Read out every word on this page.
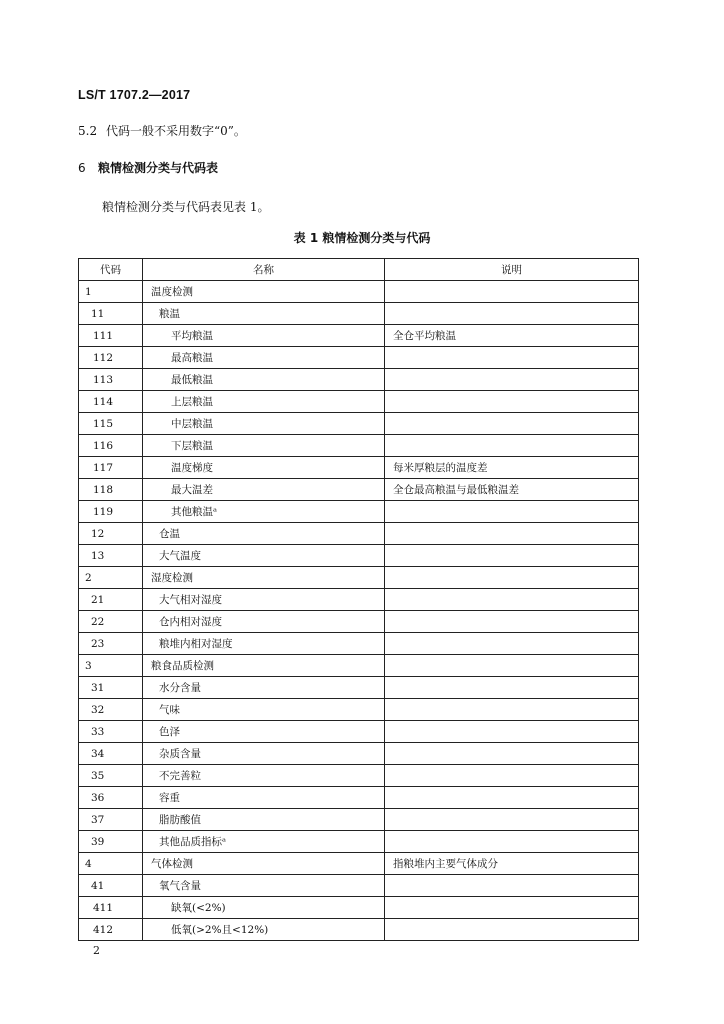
LS/T 1707.2—2017
5.2 代码一般不采用数字“0”。
6 粮情检测分类与代码表
粮情检测分类与代码表见表 1。
表 1 粮情检测分类与代码
代码	名称	说明
1	温度检测	
11	粮温	
111	平均粮温	全仓平均粮温
112	最高粮温	
113	最低粮温	
114	上层粮温	
115	中层粮温	
116	下层粮温	
117	温度梯度	每米厚粮层的温度差
118	最大温差	全仓最高粮温与最低粮温差
119	其他粮温ᵃ	
12	仓温	
13	大气温度	
2	湿度检测	
21	大气相对湿度	
22	仓内相对湿度	
23	粮堆内相对湿度	
3	粮食品质检测	
31	水分含量	
32	气味	
33	色泽	
34	杂质含量	
35	不完善粒	
36	容重	
37	脂肪酸值	
39	其他品质指标ᵃ	
4	气体检测	指粮堆内主要气体成分
41	氧气含量	
411	缺氧(<2%)	
412	低氧(>2%且<12%)	
2
